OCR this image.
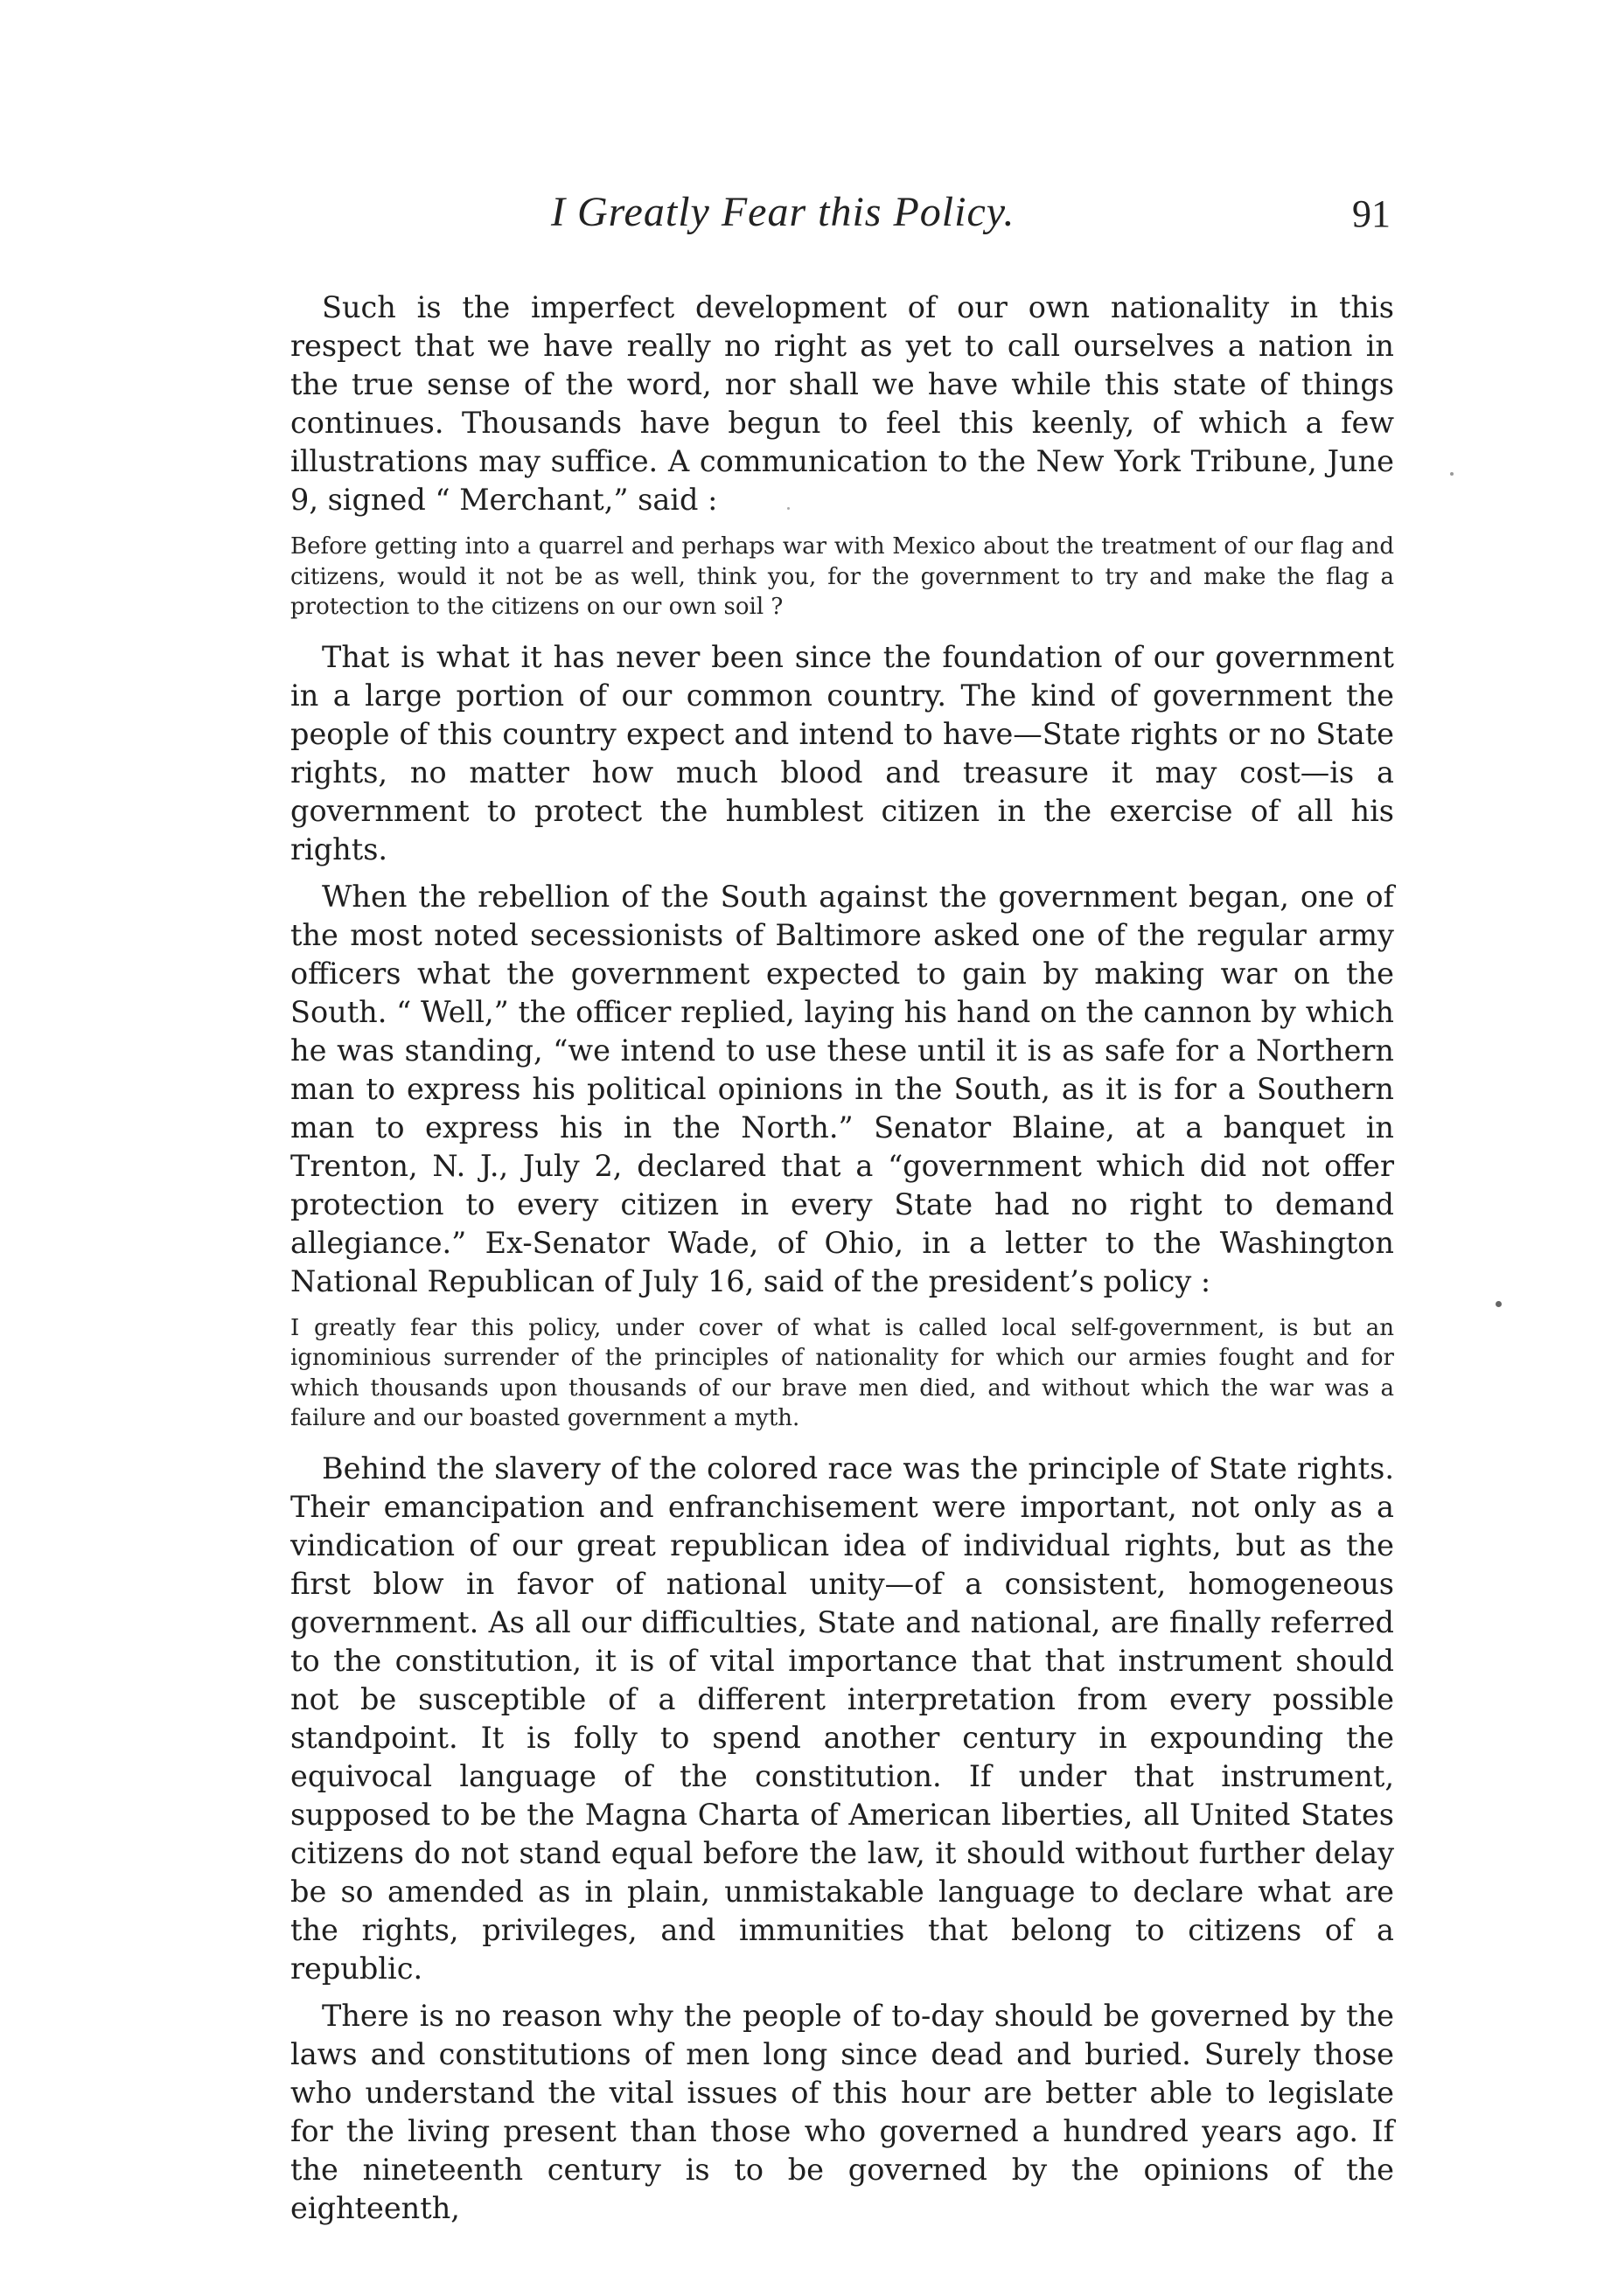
I Greatly Fear this Policy.	91

Such is the imperfect development of our own nationality in this respect that we have really no right as yet to call ourselves a nation in the true sense of the word, nor shall we have while this state of things continues. Thousands have begun to feel this keenly, of which a few illustrations may suffice. A communication to the New York Tribune, June 9, signed “ Merchant,” said :

Before getting into a quarrel and perhaps war with Mexico about the treatment of our flag and citizens, would it not be as well, think you, for the government to try and make the flag a protection to the citizens on our own soil ?

That is what it has never been since the foundation of our government in a large portion of our common country. The kind of government the people of this country expect and intend to have—State rights or no State rights, no matter how much blood and treasure it may cost—is a government to protect the humblest citizen in the exercise of all his rights.

When the rebellion of the South against the government began, one of the most noted secessionists of Baltimore asked one of the regular army officers what the government expected to gain by making war on the South. “ Well,” the officer replied, laying his hand on the cannon by which he was standing, “we intend to use these until it is as safe for a Northern man to express his political opinions in the South, as it is for a Southern man to express his in the North.” Senator Blaine, at a banquet in Trenton, N. J., July 2, declared that a “government which did not offer protection to every citizen in every State had no right to demand allegiance.” Ex-Senator Wade, of Ohio, in a letter to the Washington National Republican of July 16, said of the president’s policy :

I greatly fear this policy, under cover of what is called local self-government, is but an ignominious surrender of the principles of nationality for which our armies fought and for which thousands upon thousands of our brave men died, and without which the war was a failure and our boasted government a myth.

Behind the slavery of the colored race was the principle of State rights. Their emancipation and enfranchisement were important, not only as a vindication of our great republican idea of individual rights, but as the first blow in favor of national unity—of a consistent, homogeneous government. As all our difficulties, State and national, are finally referred to the constitution, it is of vital importance that that instrument should not be susceptible of a different interpretation from every possible standpoint. It is folly to spend another century in expounding the equivocal language of the constitution. If under that instrument, supposed to be the Magna Charta of American liberties, all United States citizens do not stand equal before the law, it should without further delay be so amended as in plain, unmistakable language to declare what are the rights, privileges, and immunities that belong to citizens of a republic.

There is no reason why the people of to-day should be governed by the laws and constitutions of men long since dead and buried. Surely those who understand the vital issues of this hour are better able to legislate for the living present than those who governed a hundred years ago. If the nineteenth century is to be governed by the opinions of the eighteenth,
